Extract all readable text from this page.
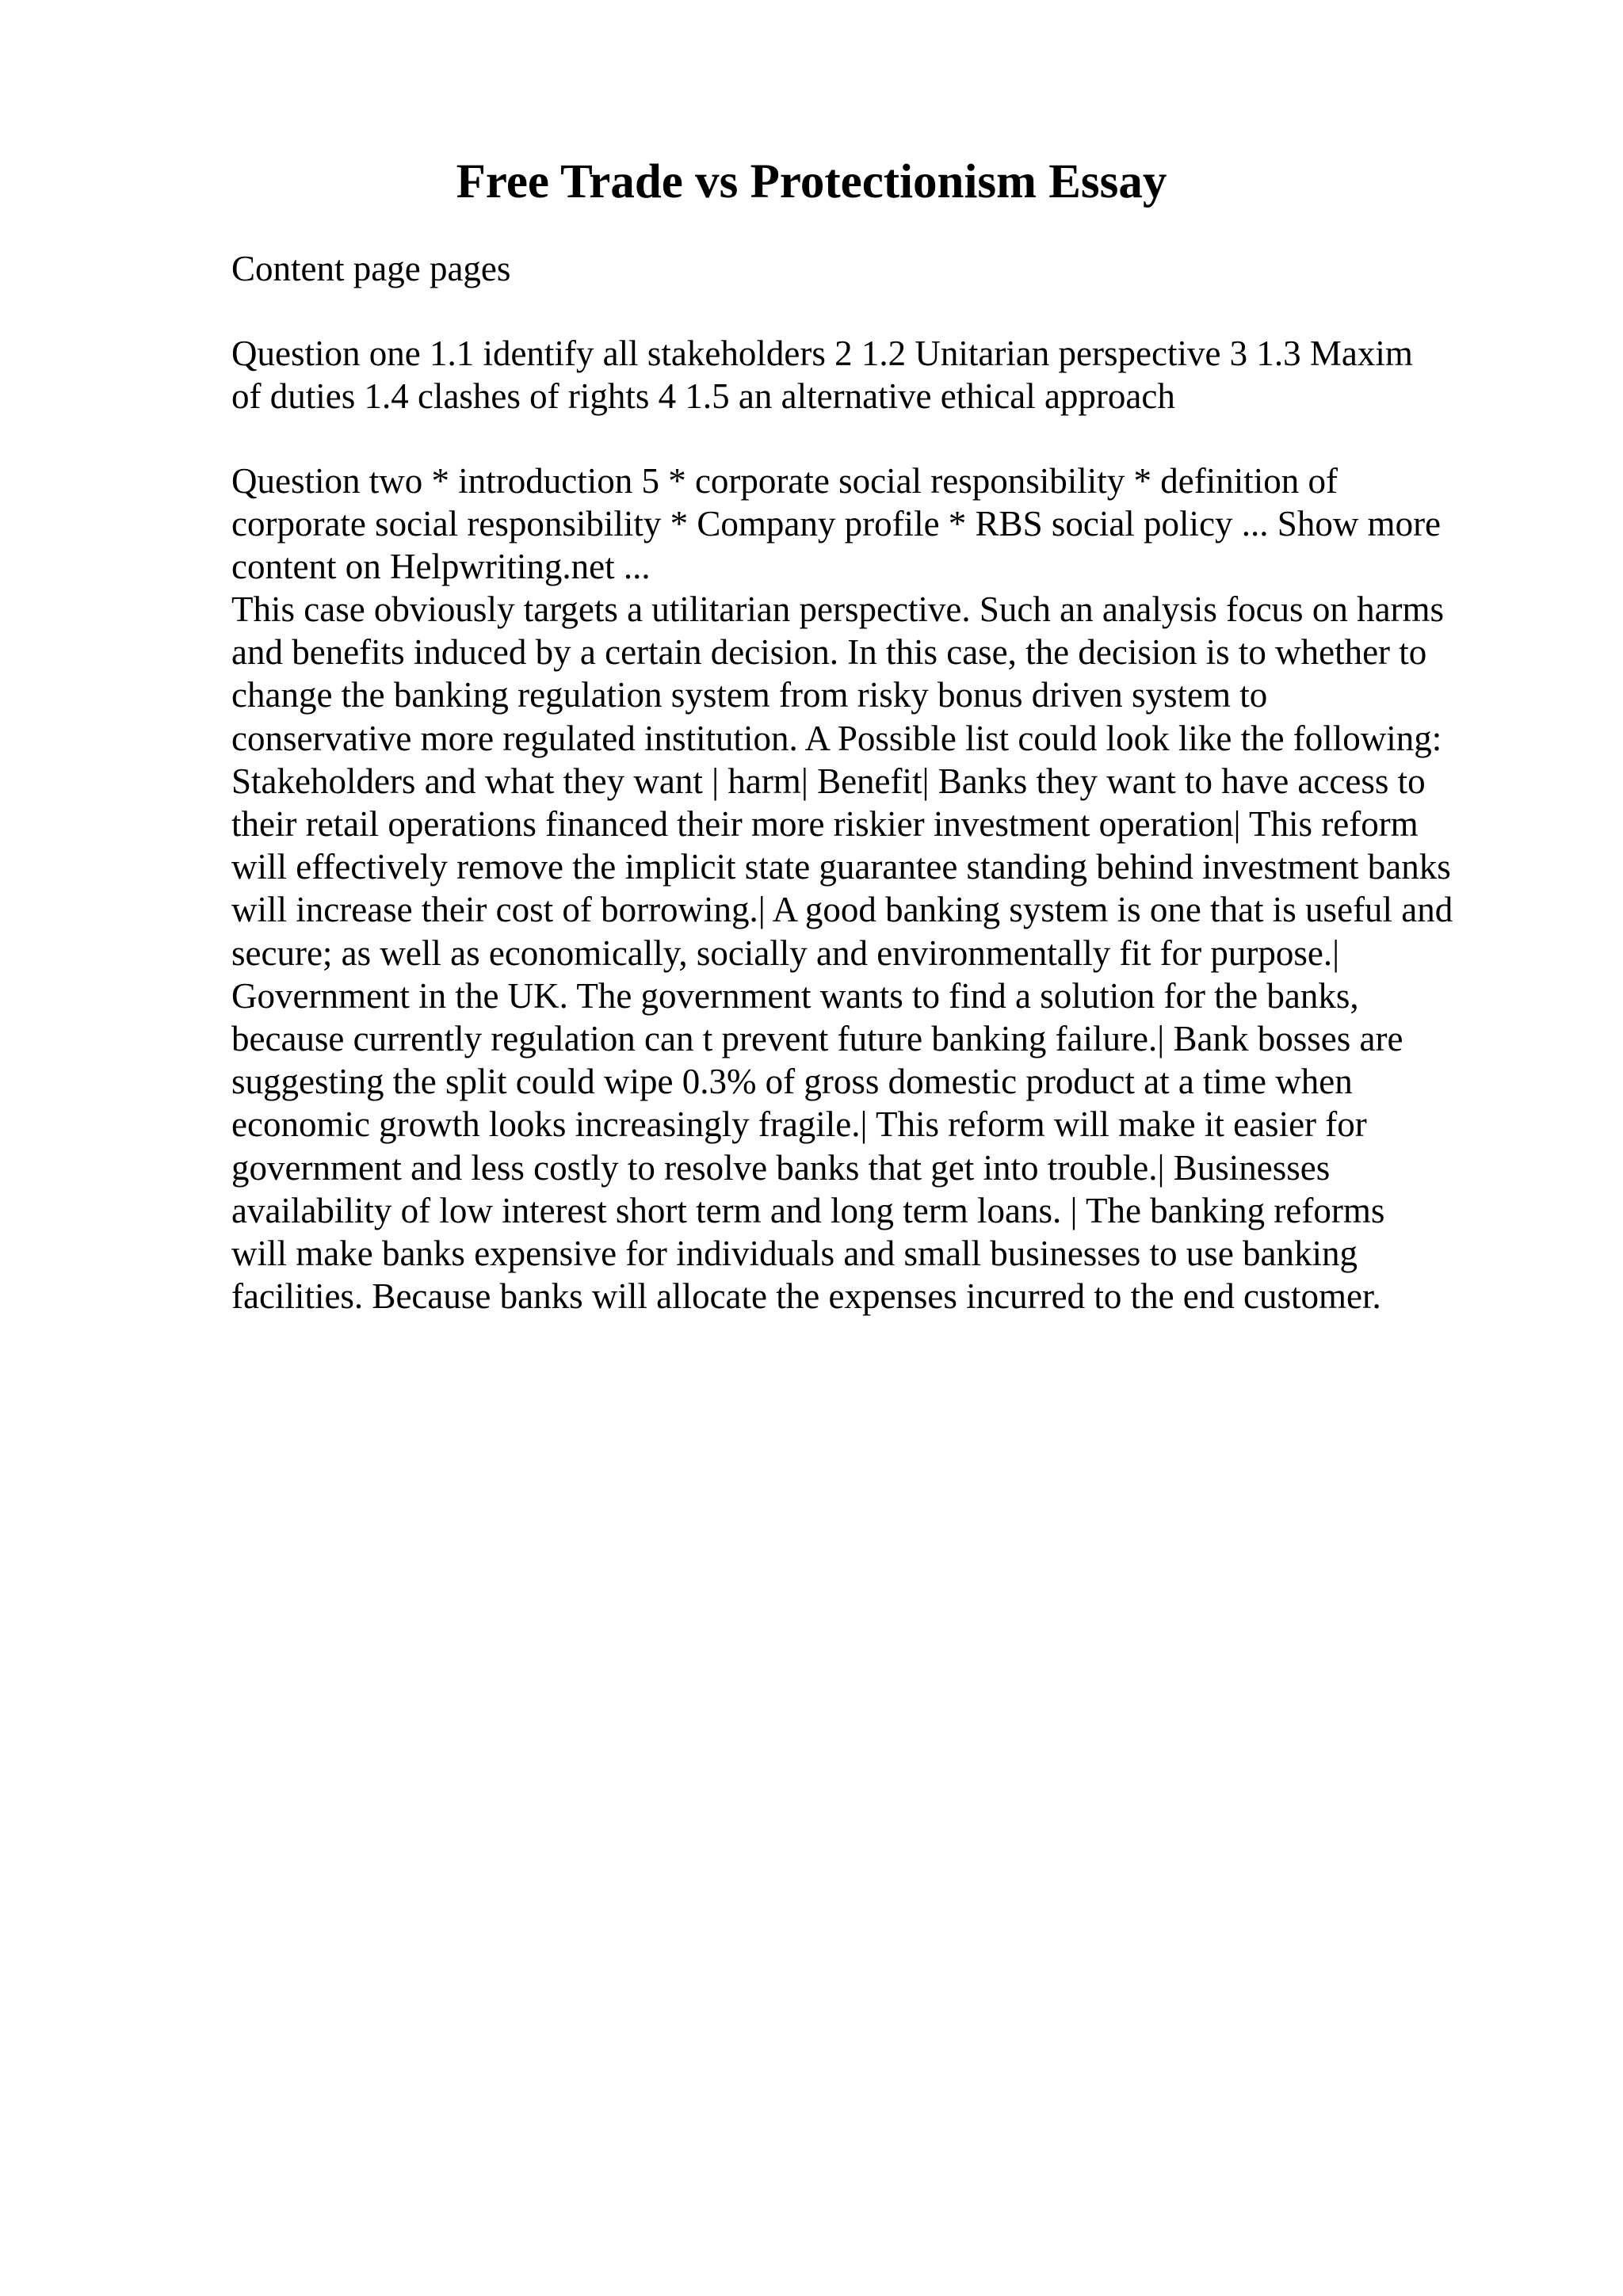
Free Trade vs Protectionism Essay

Content page pages

Question one 1.1 identify all stakeholders 2 1.2 Unitarian perspective 3 1.3 Maxim
of duties 1.4 clashes of rights 4 1.5 an alternative ethical approach

Question two * introduction 5 * corporate social responsibility * definition of
corporate social responsibility * Company profile * RBS social policy ... Show more
content on Helpwriting.net ...

This case obviously targets a utilitarian perspective. Such an analysis focus on harms
and benefits induced by a certain decision. In this case, the decision is to whether to
change the banking regulation system from risky bonus driven system to
conservative more regulated institution. A Possible list could look like the following:
Stakeholders and what they want | harm| Benefit| Banks they want to have access to
their retail operations financed their more riskier investment operation| This reform
will effectively remove the implicit state guarantee standing behind investment banks
will increase their cost of borrowing.| A good banking system is one that is useful and
secure; as well as economically, socially and environmentally fit for purpose.|
Government in the UK. The government wants to find a solution for the banks,
because currently regulation can t prevent future banking failure.| Bank bosses are
suggesting the split could wipe 0.3% of gross domestic product at a time when
economic growth looks increasingly fragile.| This reform will make it easier for
government and less costly to resolve banks that get into trouble.| Businesses
availability of low interest short term and long term loans. | The banking reforms
will make banks expensive for individuals and small businesses to use banking
facilities. Because banks will allocate the expenses incurred to the end customer.
